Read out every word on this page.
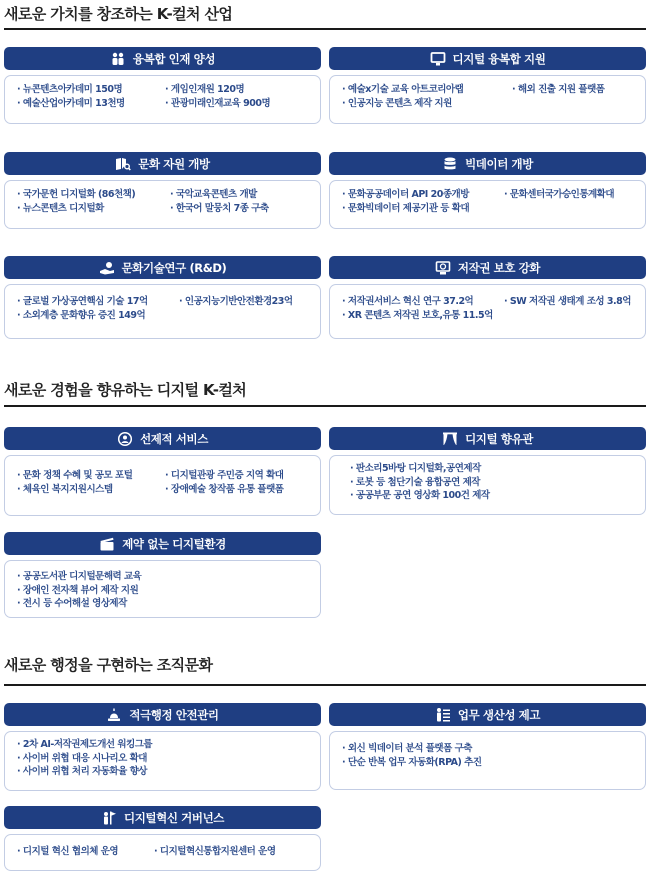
새로운 가치를 창조하는 K-컬처 산업
융복합 인재 양성
· 뉴콘텐츠아카데미 150명	· 게임인재원 120명
· 예술산업아카데미 13천명	· 관광미래인재교육 900명
디지털 융복합 지원
· 예술x기술 교육 아트코리아랩	· 해외 진출 지원 플랫폼
· 인공지능 콘텐츠 제작 지원
문화 자원 개방
· 국가문헌 디지털화 (86천책)	· 국악교육콘텐츠 개발
· 뉴스콘텐츠 디지털화	· 한국어 말뭉치 7종 구축
빅데이터 개방
· 문화공공데이터 API 20종개방	· 문화센터국가승인통계확대
· 문화빅데이터 제공기관 등 확대
문화기술연구 (R&D)
· 글로벌 가상공연핵심 기술 17억	· 인공지능기반안전환경23억
· 소외계층 문화향유 증진 149억
저작권 보호 강화
· 저작권서비스 혁신 연구 37.2억	· SW 저작권 생태계 조성 3.8억
· XR 콘텐츠 저작권 보호,유통 11.5억
새로운 경험을 향유하는 디지털 K-컬처
선제적 서비스
· 문화 정책 수혜 및 공모 포털	· 디지털관광 주민증 지역 확대
· 체육인 복지지원시스템	· 장애예술 창작품 유통 플랫폼
디지털 향유관
· 판소리5바탕 디지털화,공연제작
· 로봇 등 첨단기술 융합공연 제작
· 공공부문 공연 영상화 100건 제작
제약 없는 디지털환경
· 공공도서관 디지털문해력 교육
· 장애인 전자책 뷰어 제작 지원
· 전시 등 수어해설 영상제작
새로운 행정을 구현하는 조직문화
적극행정 안전관리
· 2차 AI-저작권제도개선 워킹그룹
· 사이버 위협 대응 시나리오 확대
· 사이버 위협 처리 자동화율 향상
업무 생산성 제고
· 외신 빅데이터 분석 플랫폼 구축
· 단순 반복 업무 자동화(RPA) 추진
디지털혁신 거버넌스
· 디지털 혁신 협의체 운영	· 디지털혁신통합지원센터 운영
